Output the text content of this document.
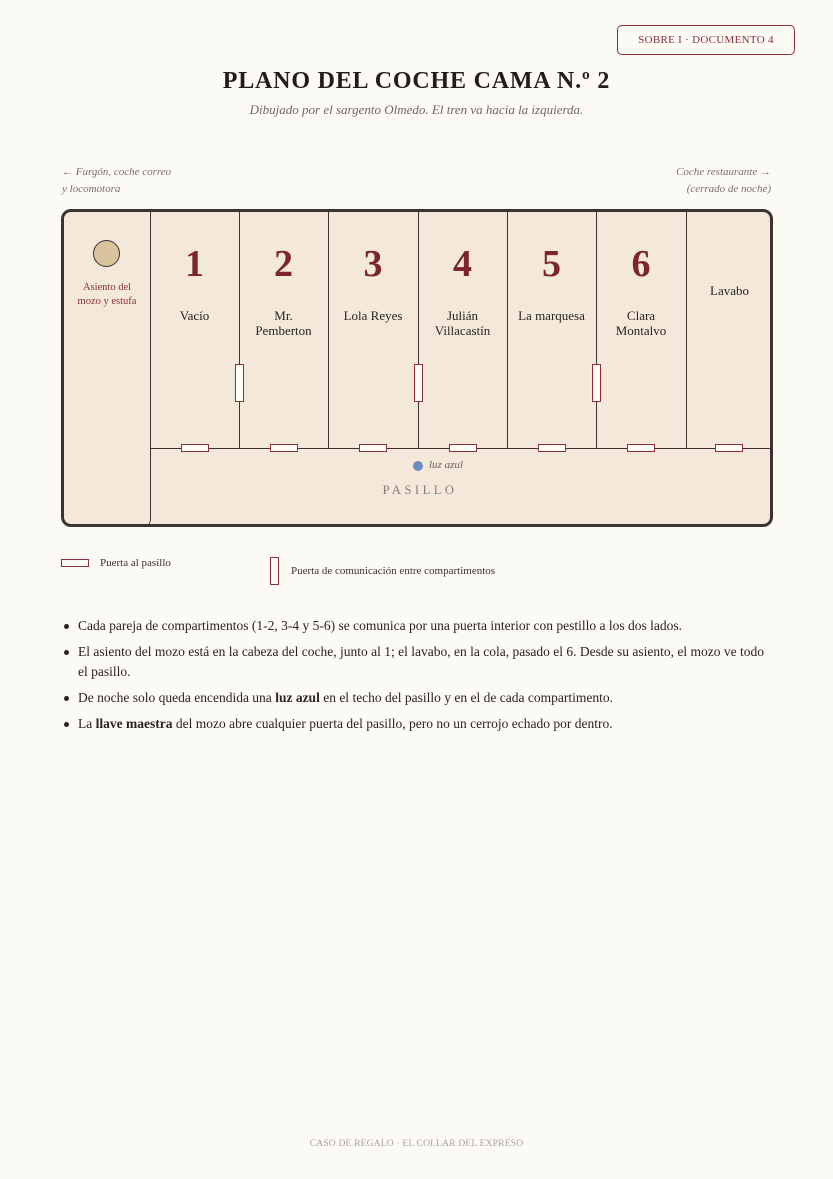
SOBRE I · DOCUMENTO 4
PLANO DEL COCHE CAMA N.º 2
Dibujado por el sargento Olmedo. El tren va hacia la izquierda.
← Furgón, coche correo
y locomotora
Coche restaurante →
(cerrado de noche)
Asiento del
mozo y estufa
1
Vacío
2
Mr.
Pemberton
3
Lola Reyes
4
Julián
Villacastín
5
La marquesa
6
Clara
Montalvo
Lavabo
luz azul
PASILLO
Puerta al pasillo
Puerta de comunicación entre compartimentos
Cada pareja de compartimentos (1-2, 3-4 y 5-6) se comunica por una puerta interior con pestillo a los dos lados.
El asiento del mozo está en la cabeza del coche, junto al 1; el lavabo, en la cola, pasado el 6. Desde su asiento, el mozo ve todo el pasillo.
De noche solo queda encendida una luz azul en el techo del pasillo y en el de cada compartimento.
La llave maestra del mozo abre cualquier puerta del pasillo, pero no un cerrojo echado por dentro.
CASO DE REGALO · EL COLLAR DEL EXPRESO
